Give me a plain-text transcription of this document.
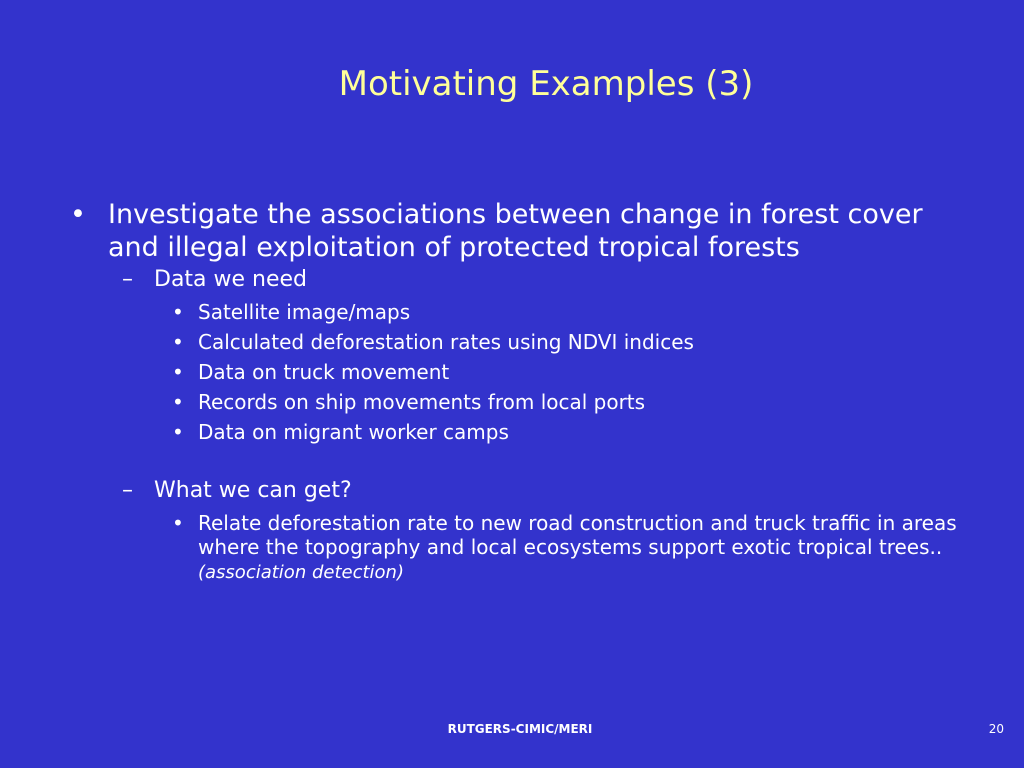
Motivating Examples (3)
• Investigate the associations between change in forest cover and illegal exploitation of protected tropical forests
– Data we need
• Satellite image/maps
• Calculated deforestation rates using NDVI indices
• Data on truck movement
• Records on ship movements from local ports
• Data on migrant worker camps
– What we can get?
• Relate deforestation rate to new road construction and truck traffic in areas where the topography and local ecosystems support exotic tropical trees.. (association detection)
RUTGERS-CIMIC/MERI	20
